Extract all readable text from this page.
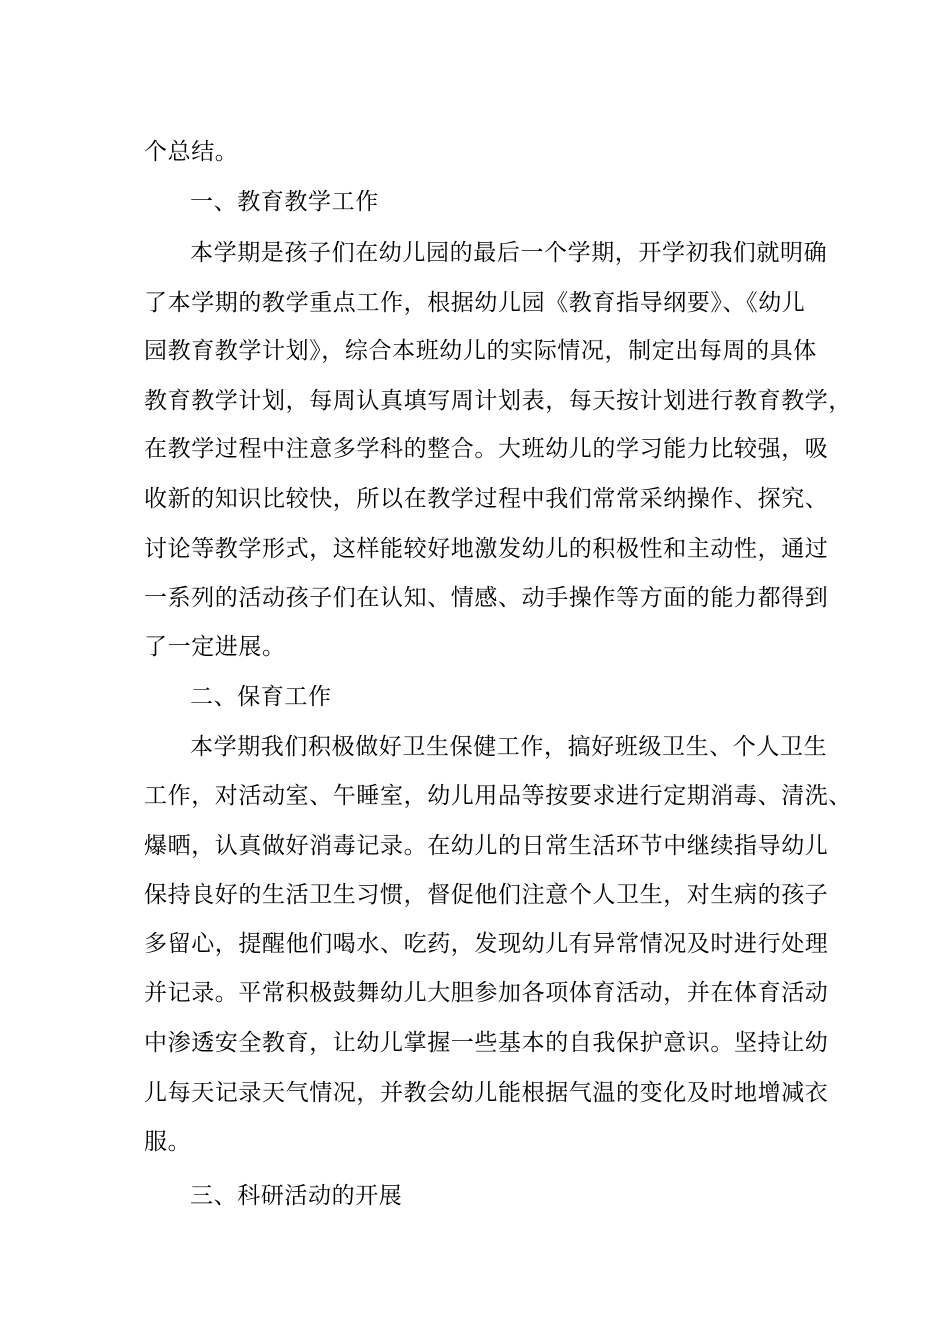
个总结。
一、教育教学工作
本学期是孩子们在幼儿园的最后一个学期，开学初我们就明确
了本学期的教学重点工作，根据幼儿园《教育指导纲要》、《幼儿
园教育教学计划》，综合本班幼儿的实际情况，制定出每周的具体
教育教学计划，每周认真填写周计划表，每天按计划进行教育教学，
在教学过程中注意多学科的整合。大班幼儿的学习能力比较强，吸
收新的知识比较快，所以在教学过程中我们常常采纳操作、探究、
讨论等教学形式，这样能较好地激发幼儿的积极性和主动性，通过
一系列的活动孩子们在认知、情感、动手操作等方面的能力都得到
了一定进展。
二、保育工作
本学期我们积极做好卫生保健工作，搞好班级卫生、个人卫生
工作，对活动室、午睡室，幼儿用品等按要求进行定期消毒、清洗、
爆晒，认真做好消毒记录。在幼儿的日常生活环节中继续指导幼儿
保持良好的生活卫生习惯，督促他们注意个人卫生，对生病的孩子
多留心，提醒他们喝水、吃药，发现幼儿有异常情况及时进行处理
并记录。平常积极鼓舞幼儿大胆参加各项体育活动，并在体育活动
中渗透安全教育，让幼儿掌握一些基本的自我保护意识。坚持让幼
儿每天记录天气情况，并教会幼儿能根据气温的变化及时地增减衣
服。
三、科研活动的开展
